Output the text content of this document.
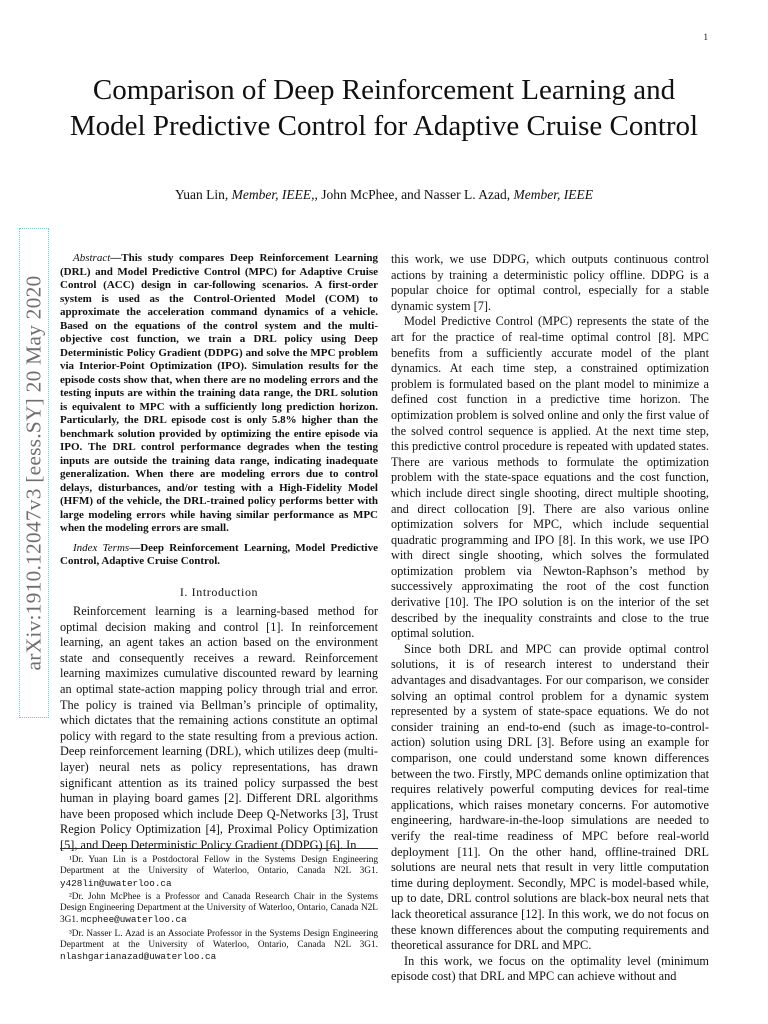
1
arXiv:1910.12047v3 [eess.SY] 20 May 2020
Comparison of Deep Reinforcement Learning and Model Predictive Control for Adaptive Cruise Control
Yuan Lin, Member, IEEE,, John McPhee, and Nasser L. Azad, Member, IEEE

Abstract—This study compares Deep Reinforcement Learning (DRL) and Model Predictive Control (MPC) for Adaptive Cruise Control (ACC) design in car-following scenarios. A first-order system is used as the Control-Oriented Model (COM) to approximate the acceleration command dynamics of a vehicle. Based on the equations of the control system and the multi-objective cost function, we train a DRL policy using Deep Deterministic Policy Gradient (DDPG) and solve the MPC problem via Interior-Point Optimization (IPO). Simulation results for the episode costs show that, when there are no modeling errors and the testing inputs are within the training data range, the DRL solution is equivalent to MPC with a sufficiently long prediction horizon. Particularly, the DRL episode cost is only 5.8% higher than the benchmark solution provided by optimizing the entire episode via IPO. The DRL control performance degrades when the testing inputs are outside the training data range, indicating inadequate generalization. When there are modeling errors due to control delays, disturbances, and/or testing with a High-Fidelity Model (HFM) of the vehicle, the DRL-trained policy performs better with large modeling errors while having similar performance as MPC when the modeling errors are small.

Index Terms—Deep Reinforcement Learning, Model Predictive Control, Adaptive Cruise Control.

I. Introduction

Reinforcement learning is a learning-based method for optimal decision making and control [1]. In reinforcement learning, an agent takes an action based on the environment state and consequently receives a reward. Reinforcement learning maximizes cumulative discounted reward by learning an optimal state-action mapping policy through trial and error. The policy is trained via Bellman’s principle of optimality, which dictates that the remaining actions constitute an optimal policy with regard to the state resulting from a previous action. Deep reinforcement learning (DRL), which utilizes deep (multi-layer) neural nets as policy representations, has drawn significant attention as its trained policy surpassed the best human in playing board games [2]. Different DRL algorithms have been proposed which include Deep Q-Networks [3], Trust Region Policy Optimization [4], Proximal Policy Optimization [5], and Deep Deterministic Policy Gradient (DDPG) [6]. In

¹Dr. Yuan Lin is a Postdoctoral Fellow in the Systems Design Engineering Department at the University of Waterloo, Ontario, Canada N2L 3G1. y428lin@uwaterloo.ca

²Dr. John McPhee is a Professor and Canada Research Chair in the Systems Design Engineering Department at the University of Waterloo, Ontario, Canada N2L 3G1. mcphee@uwaterloo.ca

³Dr. Nasser L. Azad is an Associate Professor in the Systems Design Engineering Department at the University of Waterloo, Ontario, Canada N2L 3G1. nlashgarianazad@uwaterloo.ca

this work, we use DDPG, which outputs continuous control actions by training a deterministic policy offline. DDPG is a popular choice for optimal control, especially for a stable dynamic system [7].

Model Predictive Control (MPC) represents the state of the art for the practice of real-time optimal control [8]. MPC benefits from a sufficiently accurate model of the plant dynamics. At each time step, a constrained optimization problem is formulated based on the plant model to minimize a defined cost function in a predictive time horizon. The optimization problem is solved online and only the first value of the solved control sequence is applied. At the next time step, this predictive control procedure is repeated with updated states. There are various methods to formulate the optimization problem with the state-space equations and the cost function, which include direct single shooting, direct multiple shooting, and direct collocation [9]. There are also various online optimization solvers for MPC, which include sequential quadratic programming and IPO [8]. In this work, we use IPO with direct single shooting, which solves the formulated optimization problem via Newton-Raphson’s method by successively approximating the root of the cost function derivative [10]. The IPO solution is on the interior of the set described by the inequality constraints and close to the true optimal solution.

Since both DRL and MPC can provide optimal control solutions, it is of research interest to understand their advantages and disadvantages. For our comparison, we consider solving an optimal control problem for a dynamic system represented by a system of state-space equations. We do not consider training an end-to-end (such as image-to-control-action) solution using DRL [3]. Before using an example for comparison, one could understand some known differences between the two. Firstly, MPC demands online optimization that requires relatively powerful computing devices for real-time applications, which raises monetary concerns. For automotive engineering, hardware-in-the-loop simulations are needed to verify the real-time readiness of MPC before real-world deployment [11]. On the other hand, offline-trained DRL solutions are neural nets that result in very little computation time during deployment. Secondly, MPC is model-based while, up to date, DRL control solutions are black-box neural nets that lack theoretical assurance [12]. In this work, we do not focus on these known differences about the computing requirements and theoretical assurance for DRL and MPC.

In this work, we focus on the optimality level (minimum episode cost) that DRL and MPC can achieve without and
